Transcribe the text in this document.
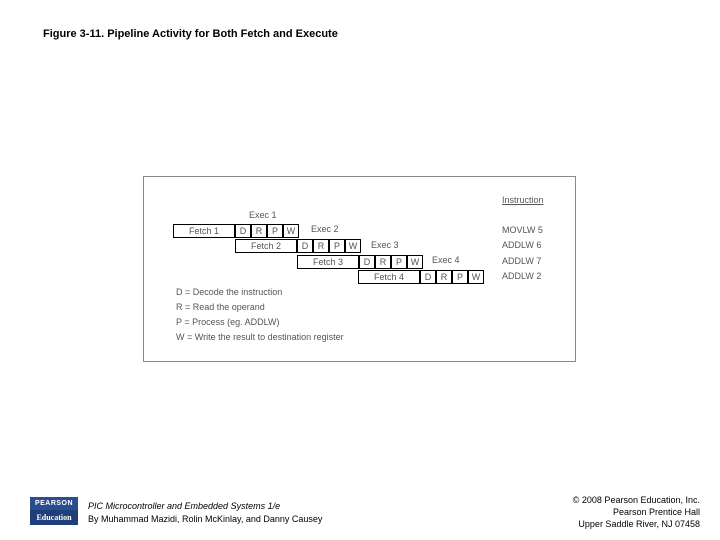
Figure 3-11. Pipeline Activity for Both Fetch and Execute
Instruction
Exec 1
Exec 2
Exec 3
Exec 4
Fetch 1	D	R	P W	MOVLW 5
Fetch 2	D	R	P W	ADDLW 6
Fetch 3	D	R	P W	ADDLW 7
Fetch 4	D	R	P W	ADDLW 2
D = Decode the instruction
R = Read the operand
P = Process (eg. ADDLW)
W = Write the result to destination register
PEARSON
Education
PIC Microcontroller and Embedded Systems 1/e
By Muhammad Mazidi, Rolin McKinlay, and Danny Causey
© 2008 Pearson Education, Inc.
Pearson Prentice Hall
Upper Saddle River, NJ 07458
